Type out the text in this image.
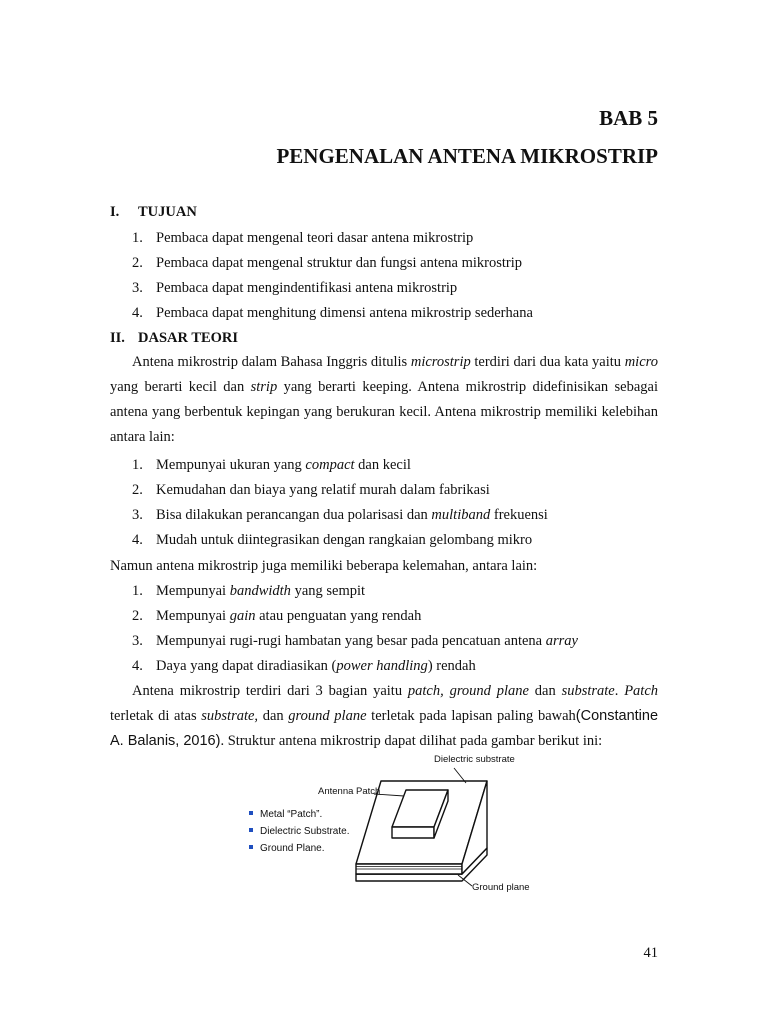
BAB 5
PENGENALAN ANTENA MIKROSTRIP
I. TUJUAN
1. Pembaca dapat mengenal teori dasar antena mikrostrip
2. Pembaca dapat mengenal struktur dan fungsi antena mikrostrip
3. Pembaca dapat mengindentifikasi antena mikrostrip
4. Pembaca dapat menghitung dimensi antena mikrostrip sederhana
II. DASAR TEORI
Antena mikrostrip dalam Bahasa Inggris ditulis microstrip terdiri dari dua kata yaitu micro yang berarti kecil dan strip yang berarti keeping. Antena mikrostrip didefinisikan sebagai antena yang berbentuk kepingan yang berukuran kecil. Antena mikrostrip memiliki kelebihan antara lain:
1. Mempunyai ukuran yang compact dan kecil
2. Kemudahan dan biaya yang relatif murah dalam fabrikasi
3. Bisa dilakukan perancangan dua polarisasi dan multiband frekuensi
4. Mudah untuk diintegrasikan dengan rangkaian gelombang mikro
Namun antena mikrostrip juga memiliki beberapa kelemahan, antara lain:
1. Mempunyai bandwidth yang sempit
2. Mempunyai gain atau penguatan yang rendah
3. Mempunyai rugi-rugi hambatan yang besar pada pencatuan antena array
4. Daya yang dapat diradiasikan (power handling) rendah
Antena mikrostrip terdiri dari 3 bagian yaitu patch, ground plane dan substrate. Patch terletak di atas substrate, dan ground plane terletak pada lapisan paling bawah(Constantine A. Balanis, 2016). Struktur antena mikrostrip dapat dilihat pada gambar berikut ini:
Dielectric substrate
Antenna Patch
Ground plane
Metal “Patch”.
Dielectric Substrate.
Ground Plane.
41
